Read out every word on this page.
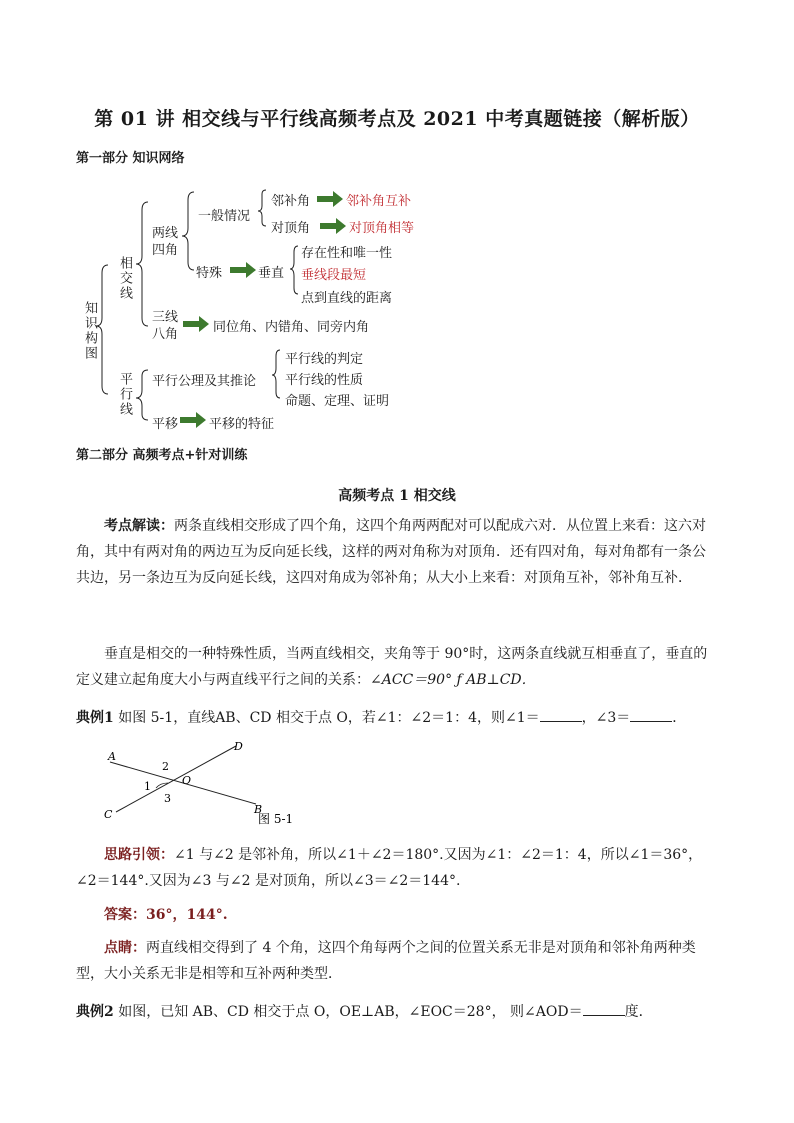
第 01 讲 相交线与平行线高频考点及 2021 中考真题链接（解析版）
第一部分 知识网络
知识构图
相交线
两线
四角
一般情况
邻补角	邻补角互补
对顶角	对顶角相等
特殊	垂直
存在性和唯一性
垂线段最短
点到直线的距离
三线
八角	同位角、内错角、同旁内角
平行线 平行公理及其推论
平行线的判定
平行线的性质
命题、定理、证明
平移 平移的特征
第二部分 高频考点+针对训练
高频考点 1 相交线
考点解读：两条直线相交形成了四个角，这四个角两两配对可以配成六对．从位置上来看：这六对角，其中有两对角的两边互为反向延长线，这样的两对角称为对顶角．还有四对角，每对角都有一条公共边，另一条边互为反向延长线，这四对角成为邻补角；从大小上来看：对顶角互补，邻补角互补．
垂直是相交的一种特殊性质，当两直线相交，夹角等于 90°时，这两条直线就互相垂直了，垂直的定义建立起角度大小与两直线平行之间的关系：∠ACC＝90° ƒ AB⊥CD．
典例1 如图 5-1，直线AB、CD 相交于点 O，若∠1：∠2＝1：4，则∠1＝	，∠3＝	．
A
B
C
D
O
1
2
3
图 5-1
思路引领：∠1 与∠2 是邻补角，所以∠1＋∠2＝180°.又因为∠1：∠2＝1：4，所以∠1＝36°，∠2＝144°.又因为∠3 与∠2 是对顶角，所以∠3＝∠2＝144°.
答案：36°，144°.
点睛：两直线相交得到了 4 个角，这四个角每两个之间的位置关系无非是对顶角和邻补角两种类型，大小关系无非是相等和互补两种类型．
典例2 如图，已知 AB、CD 相交于点 O，OE⊥AB，∠EOC＝28°， 则∠AOD＝	度．
